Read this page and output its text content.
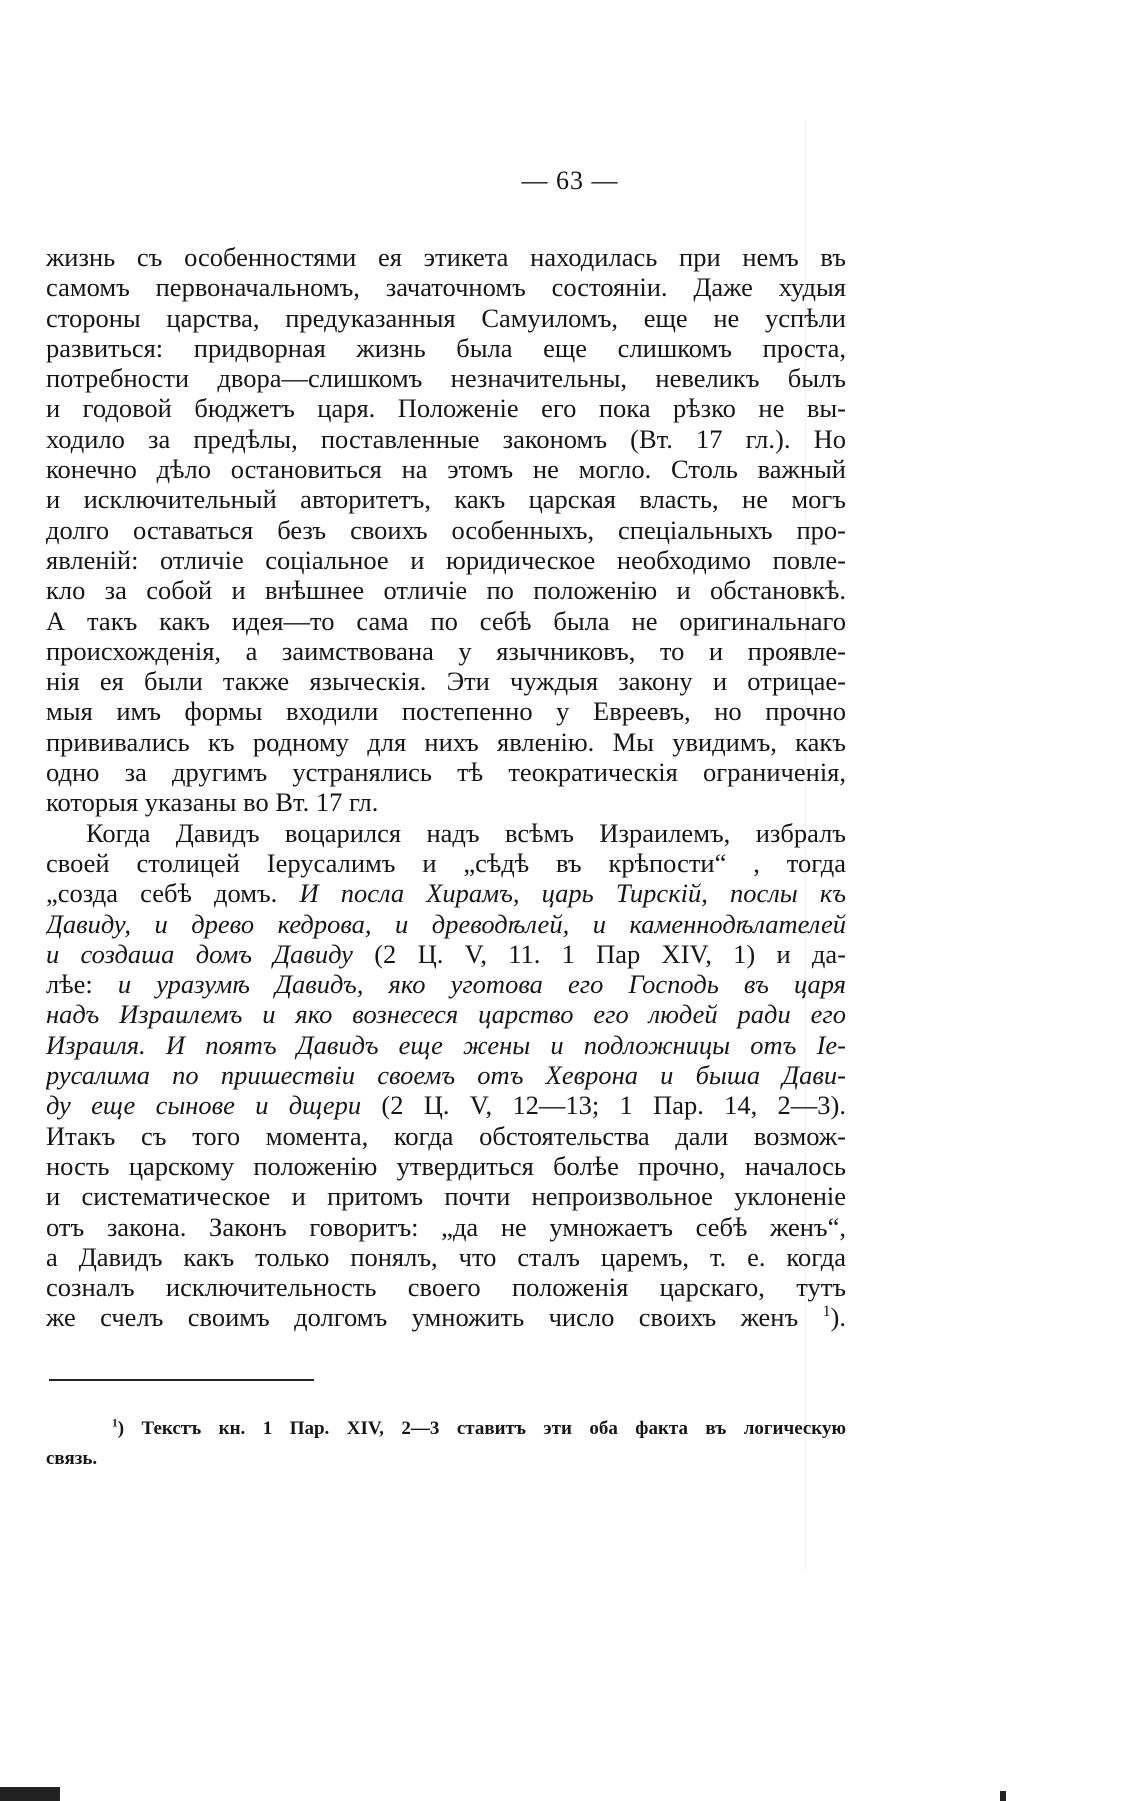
— 63 —
жизнь съ особенностями ея этикета находилась при немъ въ
самомъ первоначальномъ, зачаточномъ состоянiи. Даже худыя
стороны царства, предуказанныя Самуиломъ, еще не успѣли
развиться: придворная жизнь была еще слишкомъ проста,
потребности двора—слишкомъ незначительны, невеликъ былъ
и годовой бюджетъ царя. Положенiе его пока рѣзко не вы-
ходило за предѣлы, поставленные закономъ (Вт. 17 гл.). Но
конечно дѣло остановиться на этомъ не могло. Столь важный
и исключительный авторитетъ, какъ царская власть, не могъ
долго оставаться безъ своихъ особенныхъ, спецiальныхъ про-
явленiй: отличiе соцiальное и юридическое необходимо повле-
кло за собой и внѣшнее отличiе по положенiю и обстановкѣ.
А такъ какъ идея—то сама по себѣ была не оригинальнаго
происхожденiя, а заимствована у язычниковъ, то и проявле-
нiя ея были также языческiя. Эти чуждыя закону и отрицае-
мыя имъ формы входили постепенно у Евреевъ, но прочно
прививались къ родному для нихъ явленiю. Мы увидимъ, какъ
одно за другимъ устранялись тѣ теократическiя ограниченiя,
которыя указаны во Вт. 17 гл.
Когда Давидъ воцарился надъ всѣмъ Израилемъ, избралъ
своей столицей Iерусалимъ и „сѣдѣ въ крѣпости“ , тогда
„созда себѣ домъ. И посла Хирамъ, царь Тирскiй, послы къ
Давиду, и древо кедрова, и древодѣлей, и каменнодѣлателей
и создаша домъ Давиду (2 Ц. V, 11. 1 Пар XIV, 1) и да-
лѣе: и уразумѣ Давидъ, яко уготова его Господь въ царя
надъ Израилемъ и яко вознесеся царство его людей ради его
Израиля. И поятъ Давидъ еще жены и подложницы отъ Iе-
русалима по пришествiи своемъ отъ Хеврона и быша Дави-
ду еще сынове и дщери (2 Ц. V, 12—13; 1 Пар. 14, 2—3).
Итакъ съ того момента, когда обстоятельства дали возмож-
ность царскому положенiю утвердиться болѣе прочно, началось
и систематическое и притомъ почти непроизвольное уклоненiе
отъ закона. Законъ говоритъ: „да не умножаетъ себѣ женъ“,
а Давидъ какъ только понялъ, что сталъ царемъ, т. е. когда
созналъ исключительность своего положенiя царскаго, тутъ
же счелъ своимъ долгомъ умножить число своихъ женъ $^1$).
$^1$) Текстъ кн. 1 Пар. XIV, 2—3 ставитъ эти оба факта въ логическую
связь.
